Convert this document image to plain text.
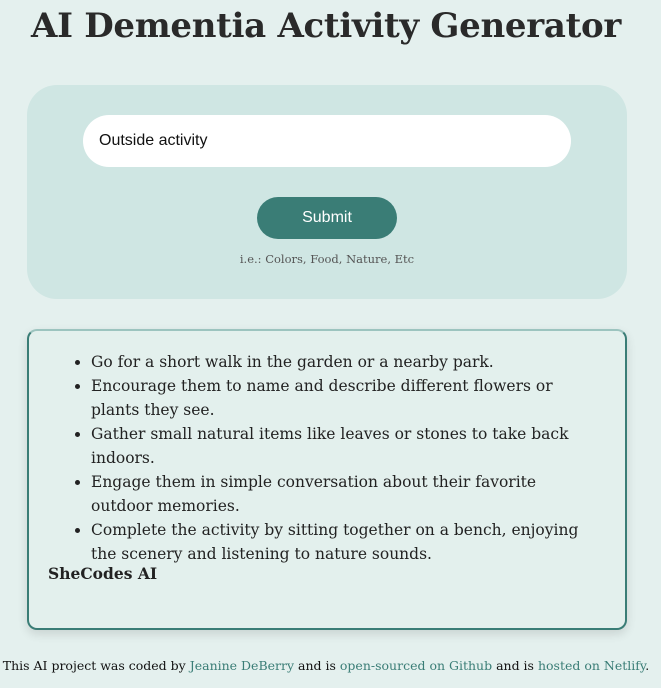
AI Dementia Activity Generator
Outside activity
Submit
i.e.: Colors, Food, Nature, Etc
• Go for a short walk in the garden or a nearby park.
• Encourage them to name and describe different flowers or plants they see.
• Gather small natural items like leaves or stones to take back indoors.
• Engage them in simple conversation about their favorite outdoor memories.
• Complete the activity by sitting together on a bench, enjoying the scenery and listening to nature sounds.
SheCodes AI
This AI project was coded by Jeanine DeBerry and is open-sourced on Github and is hosted on Netlify.
